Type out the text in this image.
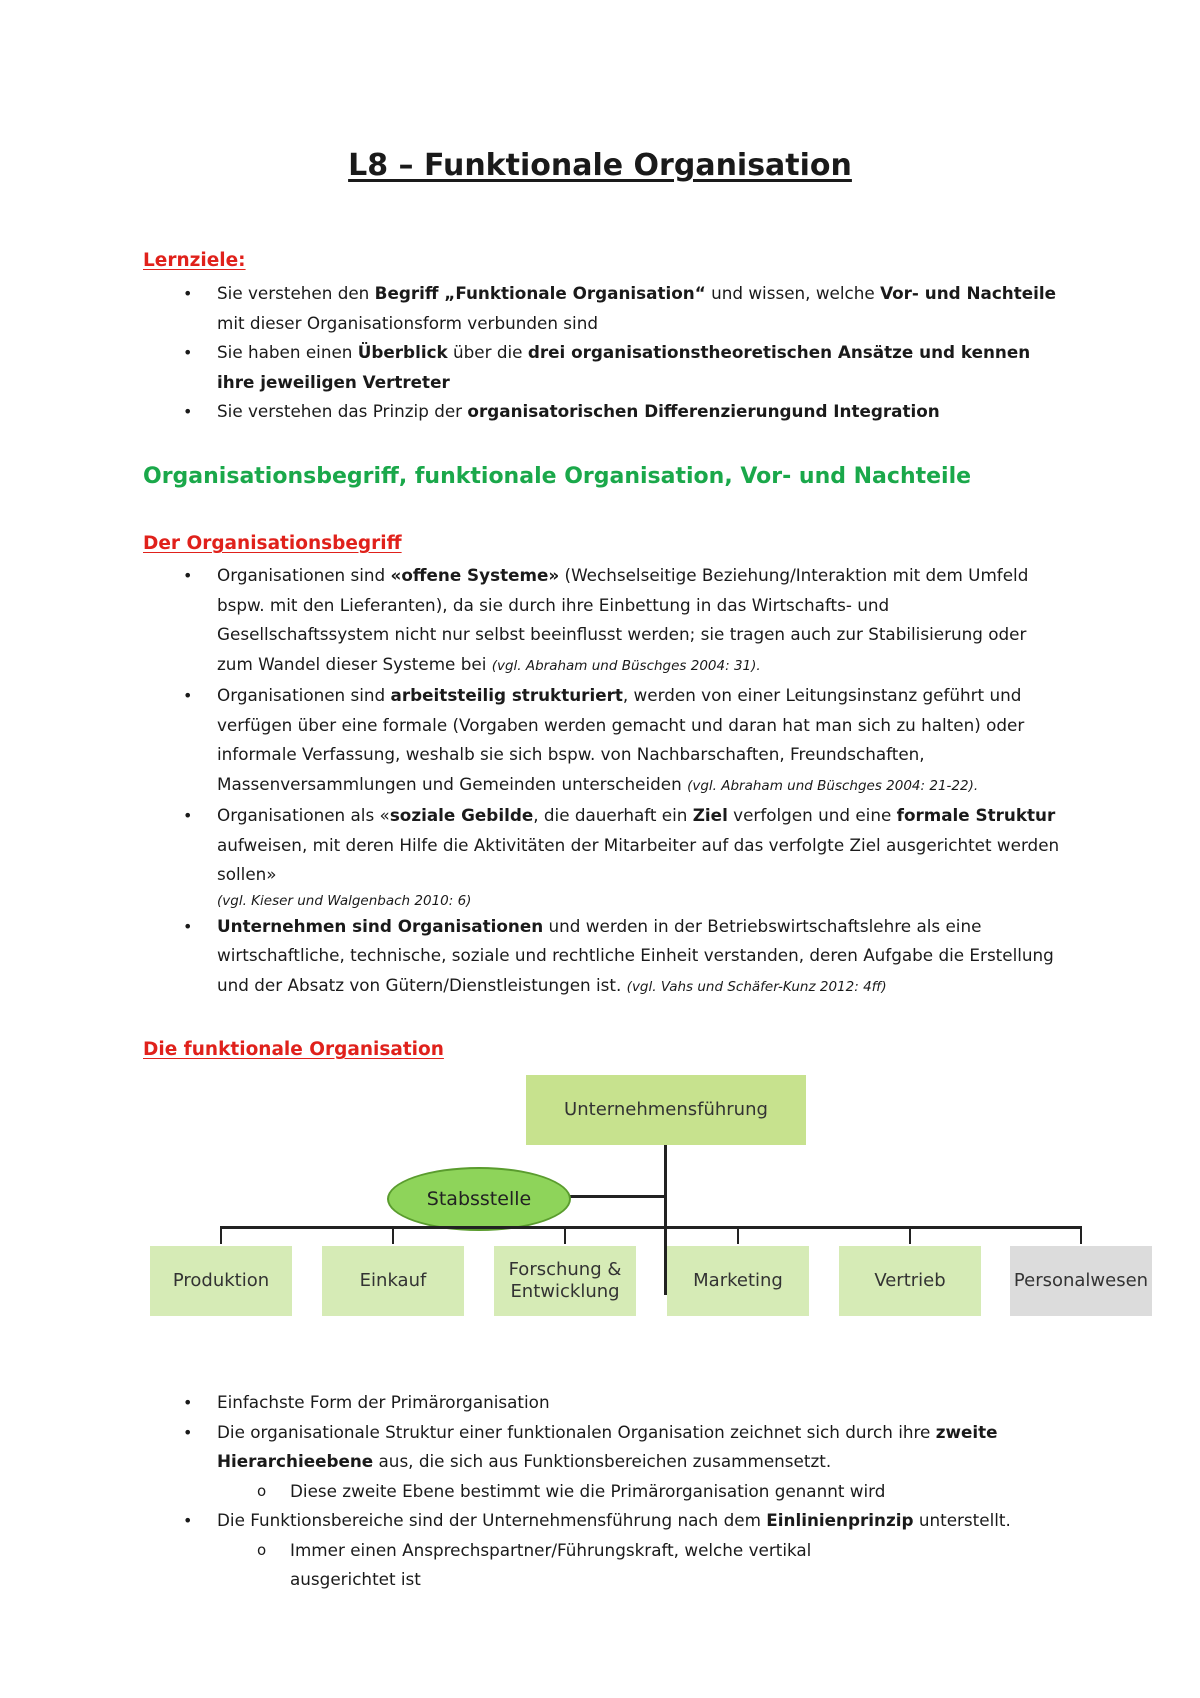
L8 – Funktionale Organisation
Lernziele:
• Sie verstehen den Begriff „Funktionale Organisation“ und wissen, welche Vor- und Nachteile mit dieser Organisationsform verbunden sind
• Sie haben einen Überblick über die drei organisationstheoretischen Ansätze und kennen ihre jeweiligen Vertreter
• Sie verstehen das Prinzip der organisatorischen Differenzierungund Integration
Organisationsbegriff, funktionale Organisation, Vor- und Nachteile
Der Organisationsbegriff
• Organisationen sind «offene Systeme» (Wechselseitige Beziehung/Interaktion mit dem Umfeld bspw. mit den Lieferanten), da sie durch ihre Einbettung in das Wirtschafts- und Gesellschaftssystem nicht nur selbst beeinflusst werden; sie tragen auch zur Stabilisierung oder zum Wandel dieser Systeme bei (vgl. Abraham und Büschges 2004: 31).
• Organisationen sind arbeitsteilig strukturiert, werden von einer Leitungsinstanz geführt und verfügen über eine formale (Vorgaben werden gemacht und daran hat man sich zu halten) oder informale Verfassung, weshalb sie sich bspw. von Nachbarschaften, Freundschaften, Massenversammlungen und Gemeinden unterscheiden (vgl. Abraham und Büschges 2004: 21-22).
• Organisationen als «soziale Gebilde, die dauerhaft ein Ziel verfolgen und eine formale Struktur aufweisen, mit deren Hilfe die Aktivitäten der Mitarbeiter auf das verfolgte Ziel ausgerichtet werden sollen»
(vgl. Kieser und Walgenbach 2010: 6)
• Unternehmen sind Organisationen und werden in der Betriebswirtschaftslehre als eine wirtschaftliche, technische, soziale und rechtliche Einheit verstanden, deren Aufgabe die Erstellung und der Absatz von Gütern/Dienstleistungen ist. (vgl. Vahs und Schäfer-Kunz 2012: 4ff)
Die funktionale Organisation
Unternehmensführung
Stabsstelle
Produktion	Einkauf
Forschung & Entwicklung
Marketing	Vertrieb	Personalwesen
• Einfachste Form der Primärorganisation
• Die organisationale Struktur einer funktionalen Organisation zeichnet sich durch ihre zweite Hierarchieebene aus, die sich aus Funktionsbereichen zusammensetzt.
o Diese zweite Ebene bestimmt wie die Primärorganisation genannt wird
• Die Funktionsbereiche sind der Unternehmensführung nach dem Einlinienprinzip unterstellt.
o Immer einen Ansprechspartner/Führungskraft, welche vertikal ausgerichtet ist
